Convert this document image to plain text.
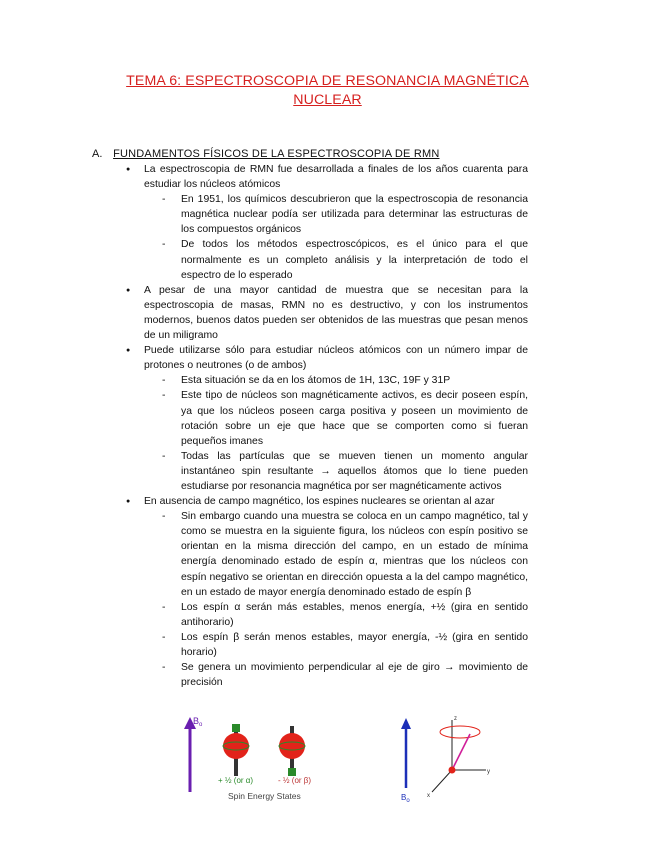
TEMA 6: ESPECTROSCOPIA DE RESONANCIA MAGNÉTICA
NUCLEAR
A. FUNDAMENTOS FÍSICOS DE LA ESPECTROSCOPIA DE RMN

● La espectroscopia de RMN fue desarrollada a finales de los años cuarenta para estudiar los núcleos atómicos

- En 1951, los químicos descubrieron que la espectroscopia de resonancia magnética nuclear podía ser utilizada para determinar las estructuras de los compuestos orgánicos

- De todos los métodos espectroscópicos, es el único para el que normalmente es un completo análisis y la interpretación de todo el espectro de lo esperado

● A pesar de una mayor cantidad de muestra que se necesitan para la espectroscopia de masas, RMN no es destructivo, y con los instrumentos modernos, buenos datos pueden ser obtenidos de las muestras que pesan menos de un miligramo

● Puede utilizarse sólo para estudiar núcleos atómicos con un número impar de protones o neutrones (o de ambos)

- Esta situación se da en los átomos de 1H, 13C, 19F y 31P

- Este tipo de núcleos son magnéticamente activos, es decir poseen espín, ya que los núcleos poseen carga positiva y poseen un movimiento de rotación sobre un eje que hace que se comporten como si fueran pequeños imanes

- Todas las partículas que se mueven tienen un momento angular instantáneo spin resultante → aquellos átomos que lo tiene pueden estudiarse por resonancia magnética por ser magnéticamente activos

● En ausencia de campo magnético, los espines nucleares se orientan al azar

- Sin embargo cuando una muestra se coloca en un campo magnético, tal y como se muestra en la siguiente figura, los núcleos con espín positivo se orientan en la misma dirección del campo, en un estado de mínima energía denominado estado de espín α, mientras que los núcleos con espín negativo se orientan en dirección opuesta a la del campo magnético, en un estado de mayor energía denominado estado de espín β

- Los espín α serán más estables, menos energía, +½ (gira en sentido antihorario)

- Los espín β serán menos estables, mayor energía, -½ (gira en sentido horario)

- Se genera un movimiento perpendicular al eje de giro → movimiento de precisión

$B_o$
+ ½ (or α)	- ½ (or β)
Spin Energy States	$B_o$
y
z
x
